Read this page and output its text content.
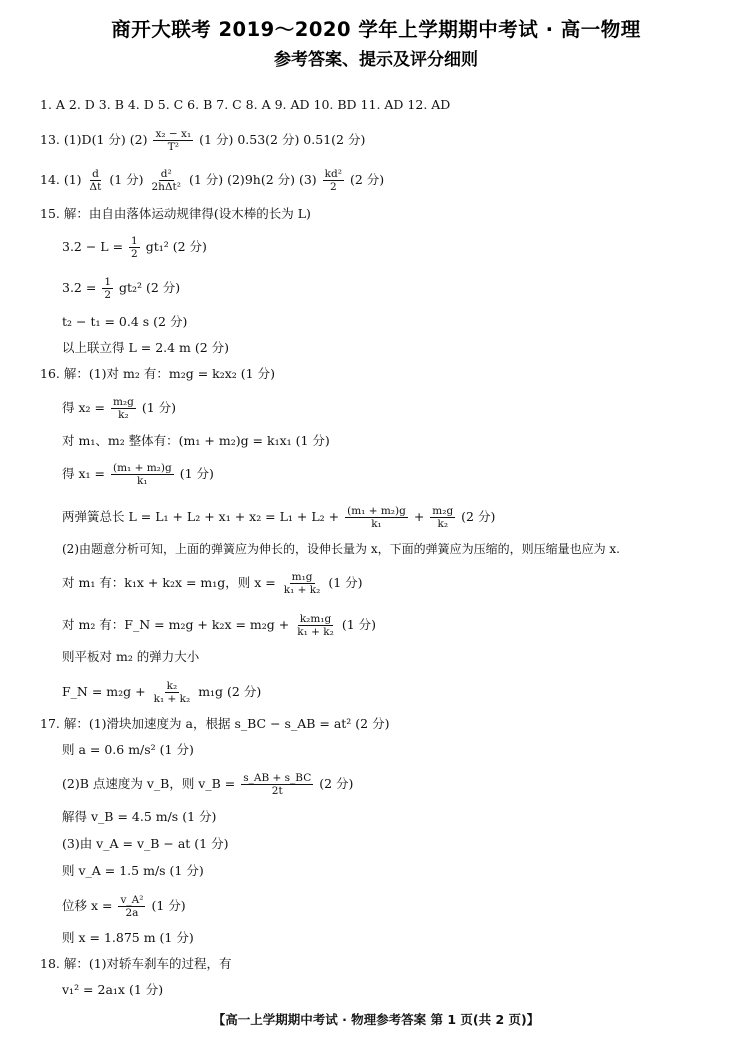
商开大联考 2019～2020 学年上学期期中考试 · 高一物理
参考答案、提示及评分细则
1. A 2. D 3. B 4. D 5. C 6. B 7. C 8. A 9. AD 10. BD 11. AD 12. AD
13. (1)D(1 分) $(2) \frac{\text{x₂ − x₁}}{\text{T²}} (1$ 分) 0.53(2 分) 0.51(2 分)
14. $(1) \frac{d}{\Delta t} (1$ 分) $\frac{\text{d²}}{\text{2hΔt²}} (1$ 分) (2)9h(2 分) $(3) \frac{\text{kd²}}{2} (2$ 分)
15. 解：由自由落体运动规律得(设木棒的长为 L)
$3.2 - L = \frac{1}{2} gt_1^2$ (2 分)
$3.2 = \frac{1}{2} gt_2^2$ (2 分)
t₂ − t₁ = 0.4 s (2 分)
以上联立得 L = 2.4 m (2 分)
16. 解：(1)对 m₂ 有：m₂g = k₂x₂ (1 分)
得 $x_2 = \frac{\text{m₂g}}{\text{k₂}} (1$ 分)
对 m₁、m₂ 整体有：(m₁ + m₂)g = k₁x₁ (1 分)
得 $x_1 = \frac{\text{(m₁ + m₂)g}}{\text{k₁}} (1$ 分)
两弹簧总长 $L = L_1 + L_2 + x_1 + x_2 = L_1 + L_2 + \frac{\text{(m₁ + m₂)g}}{\text{k₁}} + \frac{\text{m₂g}}{\text{k₂}} (2$ 分)
(2)由题意分析可知，上面的弹簧应为伸长的，设伸长量为 x，下面的弹簧应为压缩的，则压缩量也应为 x.
对 m₁ 有：k₁x + k₂x = m₁g，则 $x = \frac{\text{m₁g}}{\text{k₁ + k₂}} (1$ 分)
对 m₂ 有：F_N = $m_2g + k_2x = m_2g + \frac{\text{k₂m₁g}}{\text{k₁ + k₂}} (1$ 分)
则平板对 m₂ 的弹力大小
F_N = $m_2g + \frac{\text{k₂}}{\text{k₁ + k₂}} m_1g$ (2 分)
17. 解：(1)滑块加速度为 a，根据 s_BC − s_AB = at² (2 分)
则 a = 0.6 m/s² (1 分)
(2)B 点速度为 v_B，则 v_B = $\frac{s\_AB + s\_BC}{2t} (2$ 分)
解得 v_B = 4.5 m/s (1 分)
(3)由 v_A = v_B − at (1 分)
则 v_A = 1.5 m/s (1 分)
位移 $x = \frac{\text{v\_A²}}{2a} (1$ 分)
则 x = 1.875 m (1 分)
18. 解：(1)对轿车刹车的过程，有
v₁² = 2a₁x (1 分)
【高一上学期期中考试 · 物理参考答案 第 1 页(共 2 页)】
